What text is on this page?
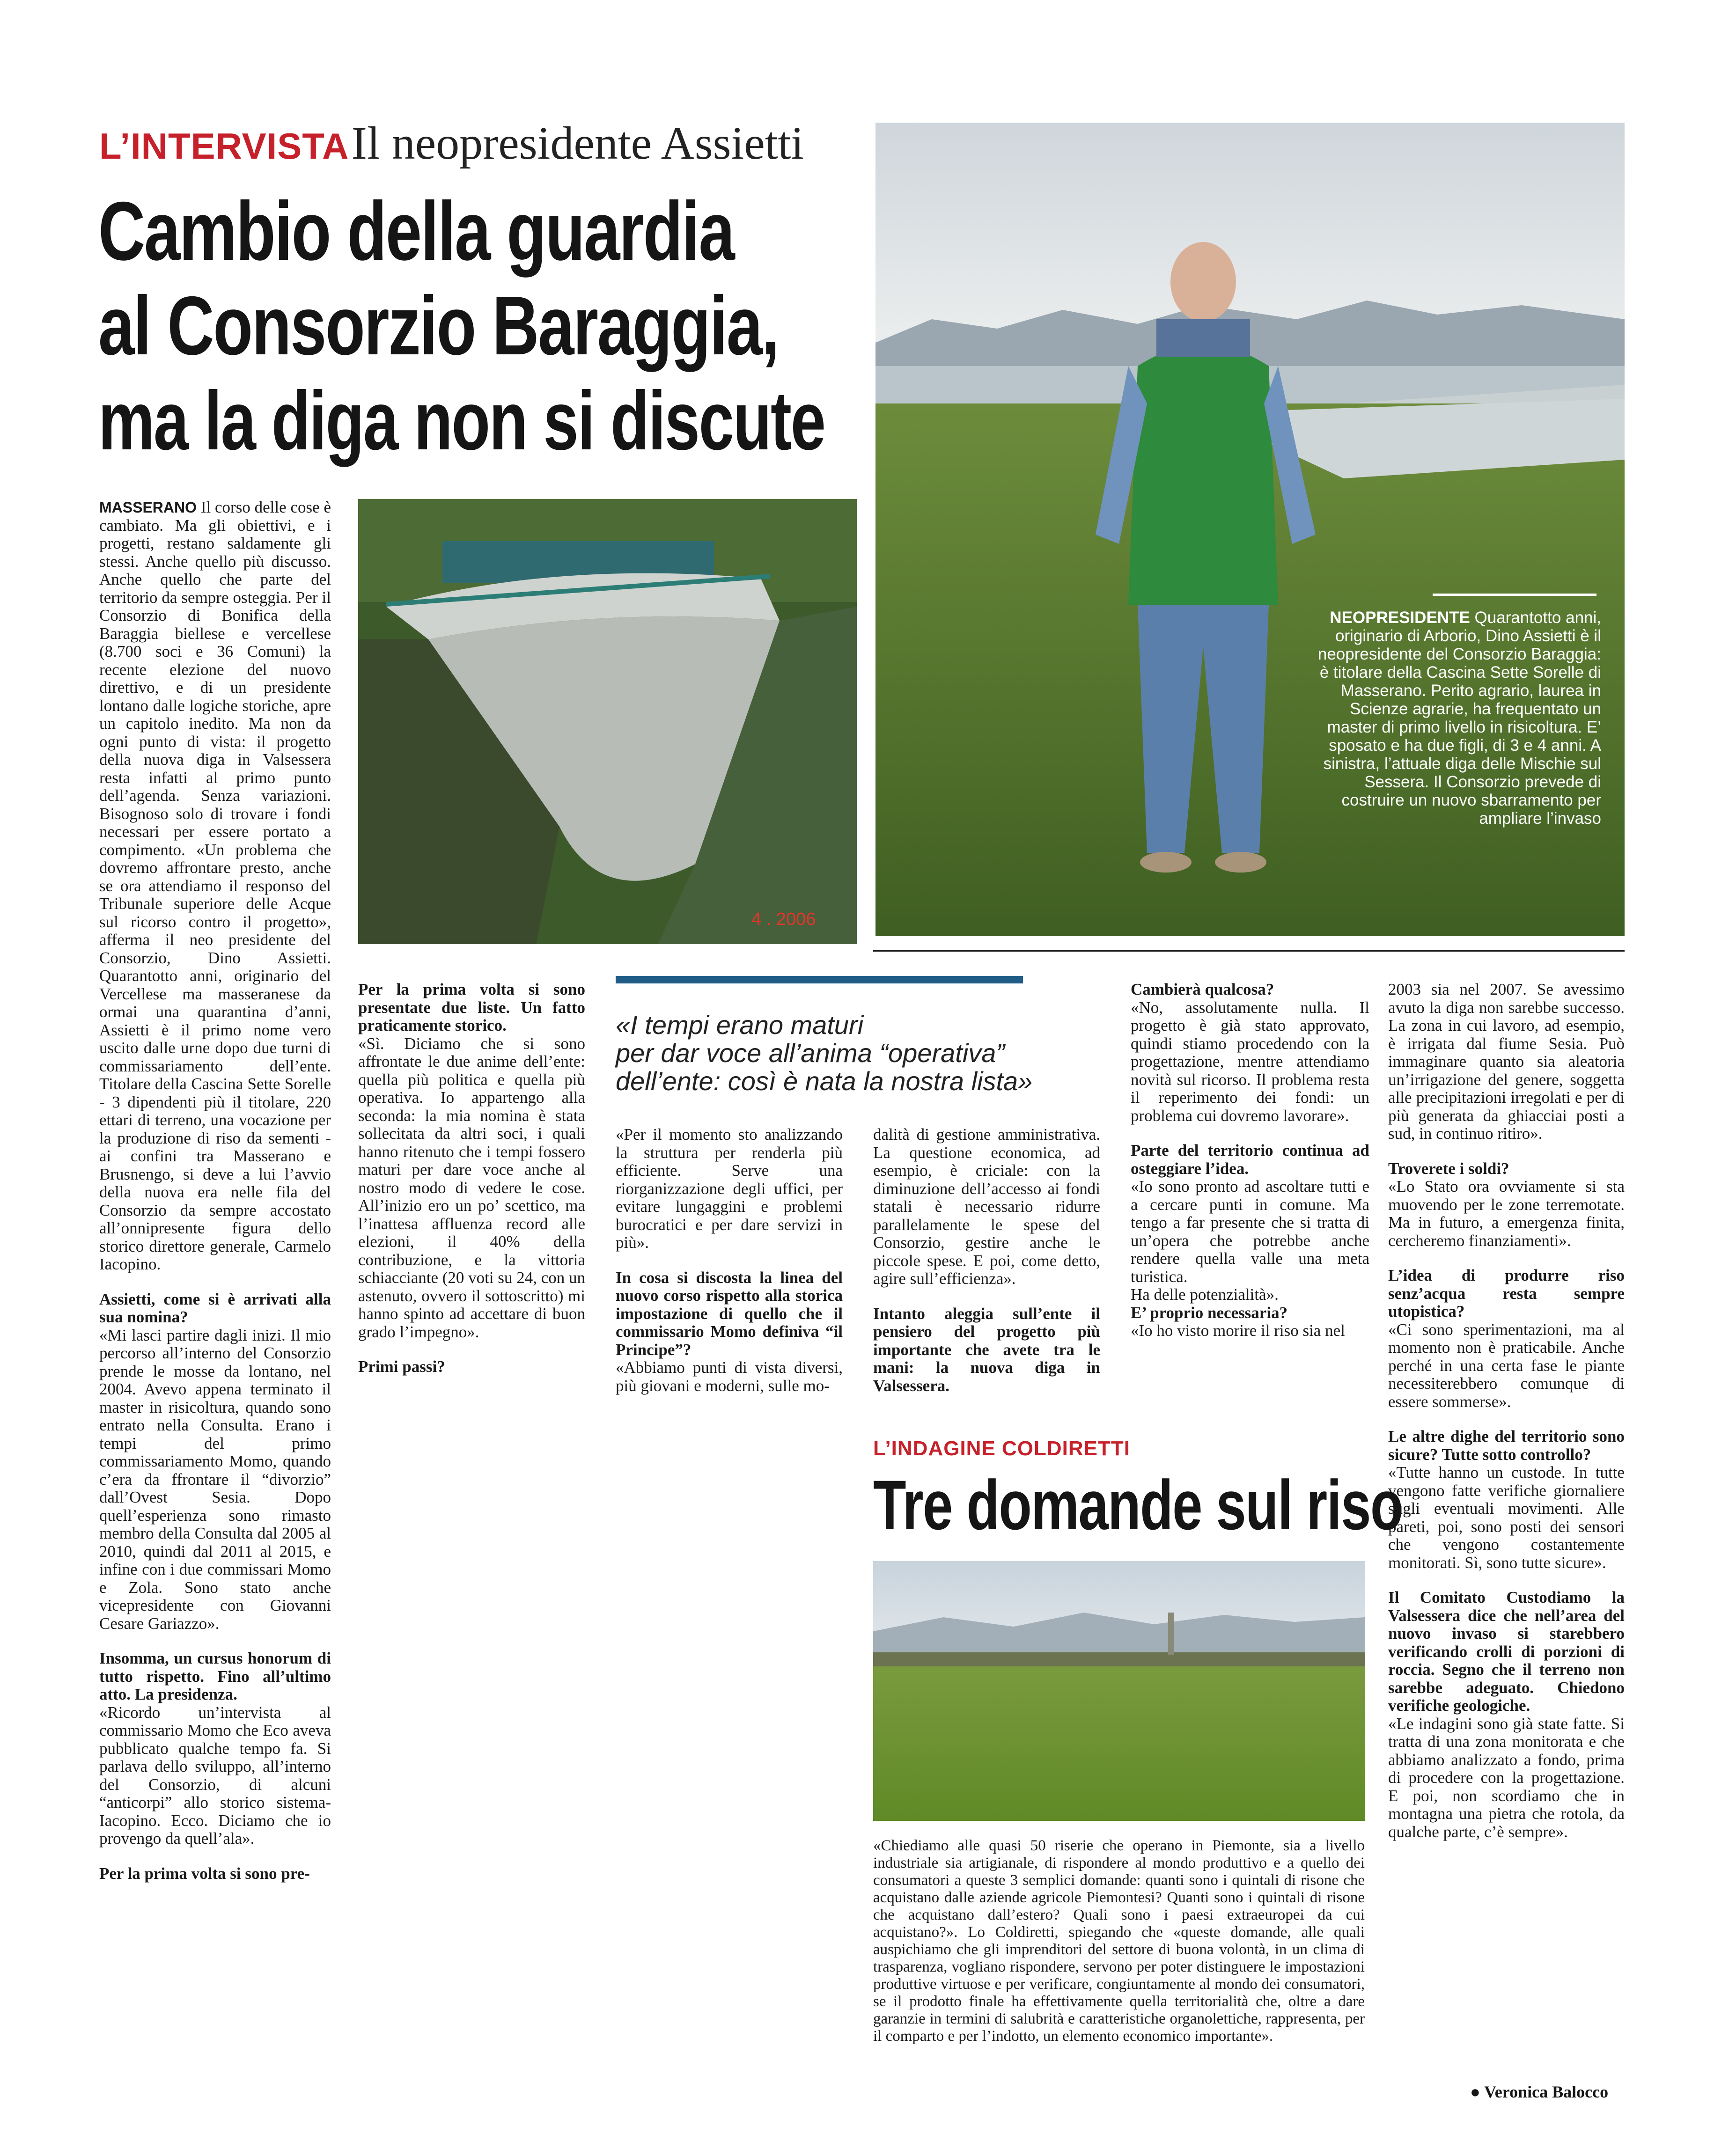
L’INTERVISTA Il neopresidente Assietti
Cambio della guardia
al Consorzio Baraggia,
ma la diga non si discute
NEOPRESIDENTE Quarantotto anni, originario di Arborio, Dino Assietti è il neopresidente del Consorzio Baraggia: è titolare della Cascina Sette Sorelle di Masserano. Perito agrario, laurea in Scienze agrarie, ha frequentato un master di primo livello in risicoltura. E’ sposato e ha due figli, di 3 e 4 anni. A sinistra, l’attuale diga delle Mischie sul Sessera. Il Consorzio prevede di costruire un nuovo sbarramento per ampliare l’invaso
4 . 2006

MASSERANO Il corso delle cose è cambiato. Ma gli obiettivi, e i progetti, restano saldamente gli stessi. Anche quello più discusso. Anche quello che parte del territorio da sempre osteggia. Per il Consorzio di Bonifica della Baraggia biellese e vercellese (8.700 soci e 36 Comuni) la recente elezione del nuovo direttivo, e di un presidente lontano dalle logiche storiche, apre un capitolo inedito. Ma non da ogni punto di vista: il progetto della nuova diga in Valsessera resta infatti al primo punto dell’agenda. Senza variazioni. Bisognoso solo di trovare i fondi necessari per essere portato a compimento. «Un problema che dovremo affrontare presto, anche se ora attendiamo il responso del Tribunale superiore delle Acque sul ricorso contro il progetto», afferma il neo presidente del Consorzio, Dino Assietti. Quarantotto anni, originario del Vercellese ma masseranese da ormai una quarantina d’anni, Assietti è il primo nome vero uscito dalle urne dopo due turni di commissariamento dell’ente. Titolare della Cascina Sette Sorelle - 3 dipendenti più il titolare, 220 ettari di terreno, una vocazione per la produzione di riso da sementi - ai confini tra Masserano e Brusnengo, si deve a lui l’avvio della nuova era nelle fila del Consorzio da sempre accostato all’onnipresente figura dello storico direttore generale, Carmelo Iacopino.

Assietti, come si è arrivati alla sua nomina?

«Mi lasci partire dagli inizi. Il mio percorso all’interno del Consorzio prende le mosse da lontano, nel 2004. Avevo appena terminato il master in risicoltura, quando sono entrato nella Consulta. Erano i tempi del primo commissariamento Momo, quando c’era da ffrontare il “divorzio” dall’Ovest Sesia. Dopo quell’esperienza sono rimasto membro della Consulta dal 2005 al 2010, quindi dal 2011 al 2015, e infine con i due commissari Momo e Zola. Sono stato anche vicepresidente con Giovanni Cesare Gariazzo».

Insomma, un cursus honorum di tutto rispetto. Fino all’ultimo atto. La presidenza.

«Ricordo un’intervista al commissario Momo che Eco aveva pubblicato qualche tempo fa. Si parlava dello sviluppo, all’interno del Consorzio, di alcuni “anticorpi” allo storico sistema-Iacopino. Ecco. Diciamo che io provengo da quell’ala».

Per la prima volta si sono pre-

Per la prima volta si sono presentate due liste. Un fatto praticamente storico.

«Sì. Diciamo che si sono affrontate le due anime dell’ente: quella più politica e quella più operativa. Io appartengo alla seconda: la mia nomina è stata sollecitata da altri soci, i quali hanno ritenuto che i tempi fossero maturi per dare voce anche al nostro modo di vedere le cose. All’inizio ero un po’ scettico, ma l’inattesa affluenza record alle elezioni, il 40% della contribuzione, e la vittoria schiacciante (20 voti su 24, con un astenuto, ovvero il sottoscritto) mi hanno spinto ad accettare di buon grado l’impegno».

Primi passi?

«I tempi erano maturi
per dar voce all’anima “operativa”
dell’ente: così è nata la nostra lista»

«Per il momento sto analizzando la struttura per renderla più efficiente. Serve una riorganizzazione degli uffici, per evitare lungaggini e problemi burocratici e per dare servizi in più».

In cosa si discosta la linea del nuovo corso rispetto alla storica impostazione di quello che il commissario Momo definiva “il Principe”?

«Abbiamo punti di vista diversi, più giovani e moderni, sulle mo-

dalità di gestione amministrativa. La questione economica, ad esempio, è criciale: con la diminuzione dell’accesso ai fondi statali è necessario ridurre parallelamente le spese del Consorzio, gestire anche le piccole spese. E poi, come detto, agire sull’efficienza».

Intanto aleggia sull’ente il pensiero del progetto più importante che avete tra le mani: la nuova diga in Valsessera.

Cambierà qualcosa?

«No, assolutamente nulla. Il progetto è già stato approvato, quindi stiamo procedendo con la progettazione, mentre attendiamo novità sul ricorso. Il problema resta il reperimento dei fondi: un problema cui dovremo lavorare».

Parte del territorio continua ad osteggiare l’idea.

«Io sono pronto ad ascoltare tutti e a cercare punti in comune. Ma tengo a far presente che si tratta di un’opera che potrebbe anche rendere quella valle una meta turistica.

Ha delle potenzialità».

E’ proprio necessaria?

«Io ho visto morire il riso sia nel

2003 sia nel 2007. Se avessimo avuto la diga non sarebbe successo. La zona in cui lavoro, ad esempio, è irrigata dal fiume Sesia. Può immaginare quanto sia aleatoria un’irrigazione del genere, soggetta alle precipitazioni irregolati e per di più generata da ghiacciai posti a sud, in continuo ritiro».

Troverete i soldi?

«Lo Stato ora ovviamente si sta muovendo per le zone terremotate. Ma in futuro, a emergenza finita, cercheremo finanziamenti».

L’idea di produrre riso senz’acqua resta sempre utopistica?

«Ci sono sperimentazioni, ma al momento non è praticabile. Anche perché in una certa fase le piante necessiterebbero comunque di essere sommerse».

Le altre dighe del territorio sono sicure? Tutte sotto controllo?

«Tutte hanno un custode. In tutte vengono fatte verifiche giornaliere sugli eventuali movimenti. Alle pareti, poi, sono posti dei sensori che vengono costantemente monitorati. Sì, sono tutte sicure».

Il Comitato Custodiamo la Valsessera dice che nell’area del nuovo invaso si starebbero verificando crolli di porzioni di roccia. Segno che il terreno non sarebbe adeguato. Chiedono verifiche geologiche.

«Le indagini sono già state fatte. Si tratta di una zona monitorata e che abbiamo analizzato a fondo, prima di procedere con la progettazione. E poi, non scordiamo che in montagna una pietra che rotola, da qualche parte, c’è sempre».

● Veronica Balocco
L’INDAGINE COLDIRETTI
Tre domande sul riso

«Chiediamo alle quasi 50 riserie che operano in Piemonte, sia a livello industriale sia artigianale, di rispondere al mondo produttivo e a quello dei consumatori a queste 3 semplici domande: quanti sono i quintali di risone che acquistano dalle aziende agricole Piemontesi? Quanti sono i quintali di risone che acquistano dall’estero? Quali sono i paesi extraeuropei da cui acquistano?». Lo Coldiretti, spiegando che «queste domande, alle quali auspichiamo che gli imprenditori del settore di buona volontà, in un clima di trasparenza, vogliano rispondere, servono per poter distinguere le impostazioni produttive virtuose e per verificare, congiuntamente al mondo dei consumatori, se il prodotto finale ha effettivamente quella territorialità che, oltre a dare garanzie in termini di salubrità e caratteristiche organolettiche, rappresenta, per il comparto e per l’indotto, un elemento economico importante».
